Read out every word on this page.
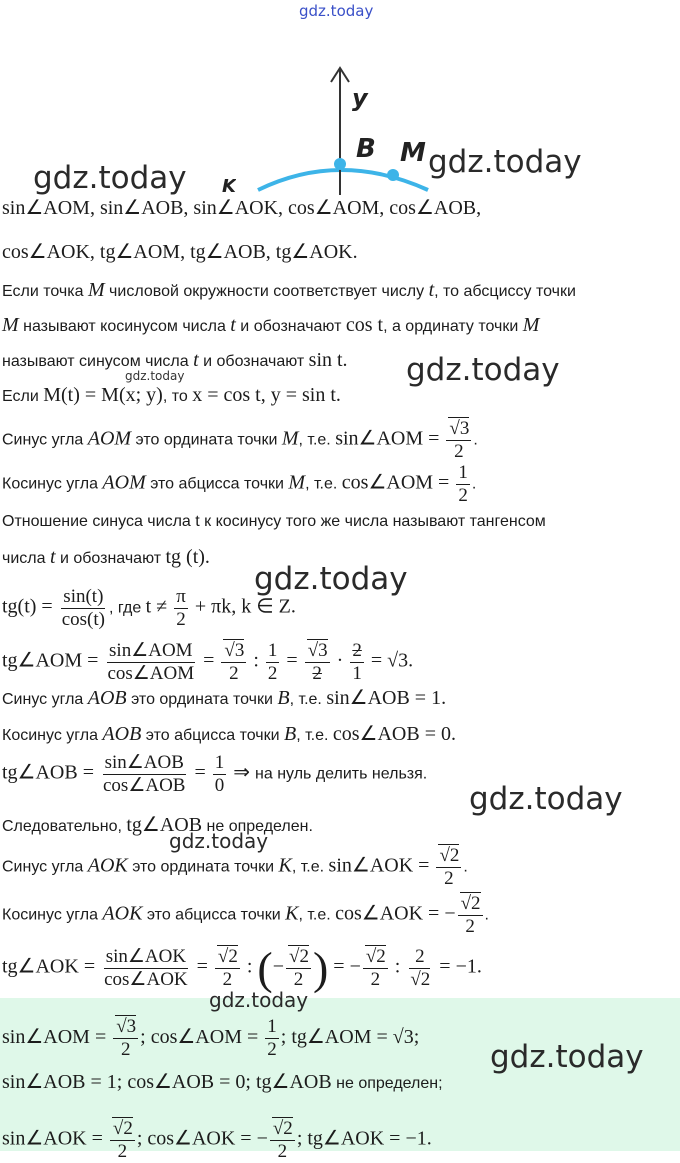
y
B M
K
gdz.today
gdz.today	gdz.today
gdz.today
gdz.today
gdz.today
gdz.today
gdz.today
gdz.today
gdz.today
sin∠AOM, sin∠AOB, sin∠AOK, cos∠AOM, cos∠AOB,
cos∠AOK, tg∠AOM, tg∠AOB, tg∠AOK.
Если точка M числовой окружности соответствует числу t, то абсциссу точки
M называют косинусом числа t и обозначают cos t, а ординату точки M
называют синусом числа t и обозначают sin t.
Если M(t) = M(x; y), то x = cos t, y = sin t.
Синус угла AOM это ордината точки M, т.е. sin∠AOM = $\frac{√3}{2}$ .
Косинус угла AOM это абцисса точки M, т.е. cos∠AOM = $\frac{1}{2}$ .
Отношение синуса числа t к косинусу того же числа называют тангенсом
числа t и обозначают tg (t).
$tg(t) = \frac{\sin(t)}{\cos(t)}$ , где $t \ne \frac{\pi}{2} + \pi k$, k ∈ Z.
tg∠AOM = $\frac{\text{sin∠AOM}}{\text{cos∠AOM}} = \frac{√3}{2}$ : $\frac{1}{2} = \frac{√3}{2} \cdot \frac{2}{1} = √3$.
Синус угла AOB это ордината точки B, т.е. sin∠AOB = 1.
Косинус угла AOB это абцисса точки B, т.е. cos∠AOB = 0.
tg∠AOB = $\frac{\text{sin∠AOB}}{\text{cos∠AOB}} = \frac{1}{0}$ ⇒ на нуль делить нельзя.
Следовательно, tg∠AOB не определен.
Синус угла AOK это ордината точки K, т.е. sin∠AOK = $\frac{√2}{2}$ .
Косинус угла AOK это абцисса точки K, т.е. cos∠AOK = − $\frac{√2}{2}$ .
tg∠AOK = $\frac{\text{sin∠AOK}}{\text{cos∠AOK}} = \frac{√2}{2}$ : (− $\frac{√2}{2}$ ) = − $\frac{√2}{2}$ : $\frac{2}{√2} = -1$.
sin∠AOM = $\frac{√3}{2}$ ; cos∠AOM = $\frac{1}{2}$ ; tg∠AOM = √3;
sin∠AOB = 1; cos∠AOB = 0; tg∠AOB не определен;
sin∠AOK = $\frac{√2}{2}$ ; cos∠AOK = − $\frac{√2}{2}$ ; tg∠AOK = −1.
